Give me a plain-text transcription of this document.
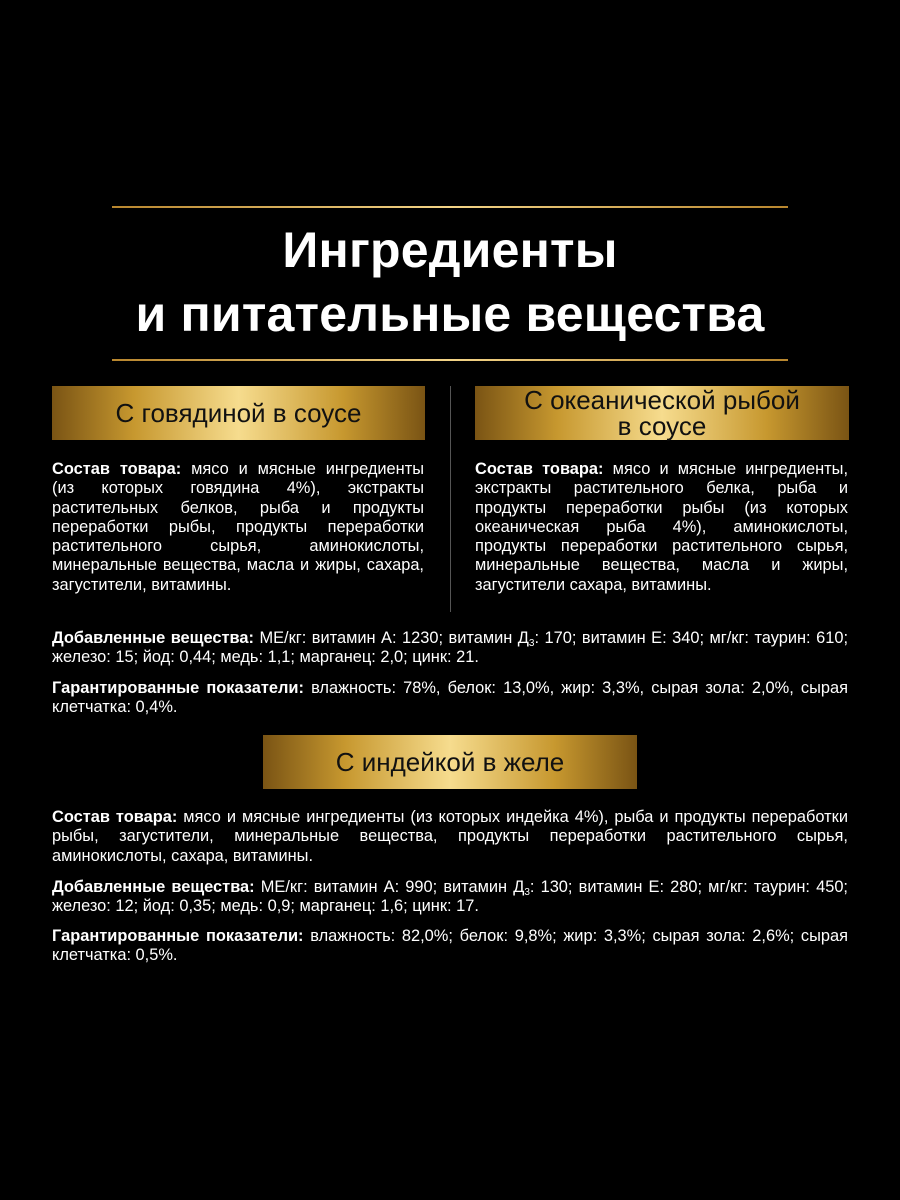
Ингредиенты
и питательные вещества
С говядиной в соусе	С океанической рыбой
в соусе

Состав товара: мясо и мясные ингредиенты (из которых говядина 4%), экстракты растительных белков, рыба и продукты переработки рыбы, продукты переработки растительного сырья, аминокислоты, минеральные вещества, масла и жиры, сахара, загустители, витамины.

Состав товара: мясо и мясные ингредиенты, экстракты растительного белка, рыба и продукты переработки рыбы (из которых океаническая рыба 4%), аминокислоты, продукты переработки растительного сырья, минеральные вещества, масла и жиры, загустители сахара, витамины.

Добавленные вещества: МЕ/кг: витамин А: 1230; витамин $Д_3$: 170; витамин Е: 340; мг/кг: таурин: 610; железо: 15; йод: 0,44; медь: 1,1; марганец: 2,0; цинк: 21.

Гарантированные показатели: влажность: 78%, белок: 13,0%, жир: 3,3%, сырая зола: 2,0%, сырая клетчатка: 0,4%.

С индейкой в желе

Состав товара: мясо и мясные ингредиенты (из которых индейка 4%), рыба и продукты переработки рыбы, загустители, минеральные вещества, продукты переработки растительного сырья, аминокислоты, сахара, витамины.

Добавленные вещества: МЕ/кг: витамин А: 990; витамин $Д_3$: 130; витамин Е: 280; мг/кг: таурин: 450; железо: 12; йод: 0,35; медь: 0,9; марганец: 1,6; цинк: 17.

Гарантированные показатели: влажность: 82,0%; белок: 9,8%; жир: 3,3%; сырая зола: 2,6%; сырая клетчатка: 0,5%.
